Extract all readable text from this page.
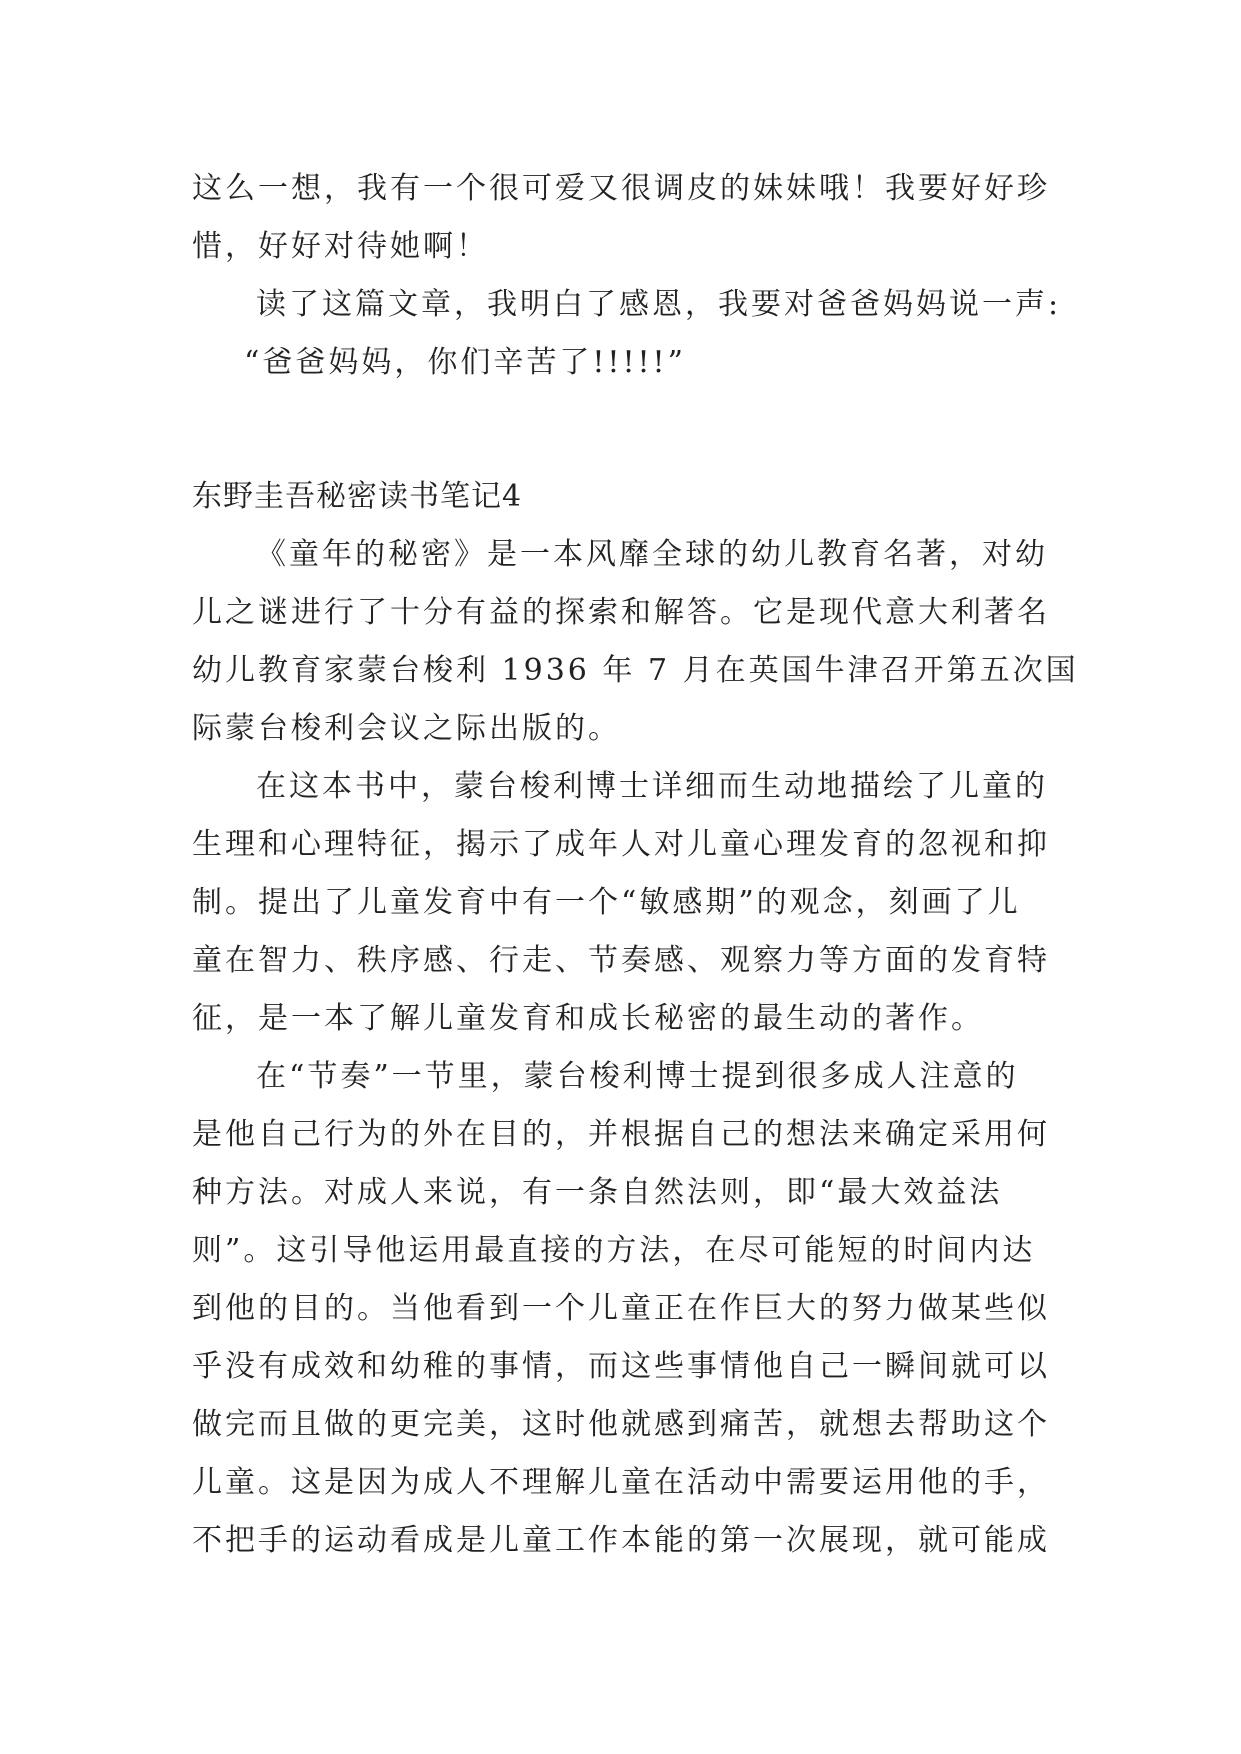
这么一想，我有一个很可爱又很调皮的妹妹哦！我要好好珍
惜，好好对待她啊！
读了这篇文章，我明白了感恩，我要对爸爸妈妈说一声:
“爸爸妈妈，你们辛苦了!!!!!”
东野圭吾秘密读书笔记4
《童年的秘密》是一本风靡全球的幼儿教育名著，对幼
儿之谜进行了十分有益的探索和解答。它是现代意大利著名
幼儿教育家蒙台梭利 1936 年 7 月在英国牛津召开第五次国
际蒙台梭利会议之际出版的。
在这本书中，蒙台梭利博士详细而生动地描绘了儿童的
生理和心理特征，揭示了成年人对儿童心理发育的忽视和抑
制。提出了儿童发育中有一个“敏感期”的观念，刻画了儿
童在智力、秩序感、行走、节奏感、观察力等方面的发育特
征，是一本了解儿童发育和成长秘密的最生动的著作。
在“节奏”一节里，蒙台梭利博士提到很多成人注意的
是他自己行为的外在目的，并根据自己的想法来确定采用何
种方法。对成人来说，有一条自然法则，即“最大效益法
则”。这引导他运用最直接的方法，在尽可能短的时间内达
到他的目的。当他看到一个儿童正在作巨大的努力做某些似
乎没有成效和幼稚的事情，而这些事情他自己一瞬间就可以
做完而且做的更完美，这时他就感到痛苦，就想去帮助这个
儿童。这是因为成人不理解儿童在活动中需要运用他的手，
不把手的运动看成是儿童工作本能的第一次展现，就可能成
